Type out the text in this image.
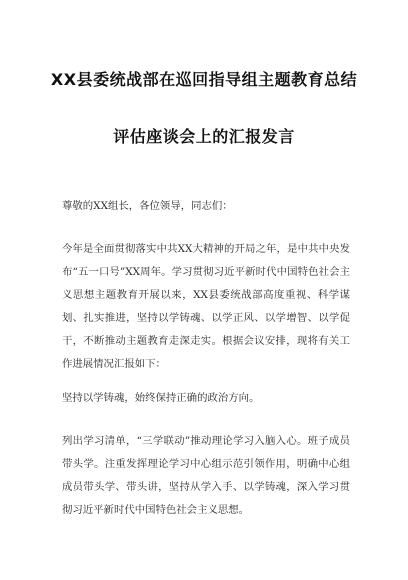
XX县委统战部在巡回指导组主题教育总结
评估座谈会上的汇报发言
尊敬的XX组长，各位领导，同志们：
今年是全面贯彻落实中共XX大精神的开局之年，是中共中央发布“五一口号”XX周年。学习贯彻习近平新时代中国特色社会主义思想主题教育开展以来，XX县委统战部高度重视、科学谋划、扎实推进，坚持以学铸魂、以学正风、以学增智、以学促干，不断推动主题教育走深走实。根据会议安排，现将有关工作进展情况汇报如下：
坚持以学铸魂，始终保持正确的政治方向。
列出学习清单，“三学联动”推动理论学习入脑入心。班子成员带头学。注重发挥理论学习中心组示范引领作用，明确中心组成员带头学、带头讲，坚持从学入手、以学铸魂，深入学习贯彻习近平新时代中国特色社会主义思想。
